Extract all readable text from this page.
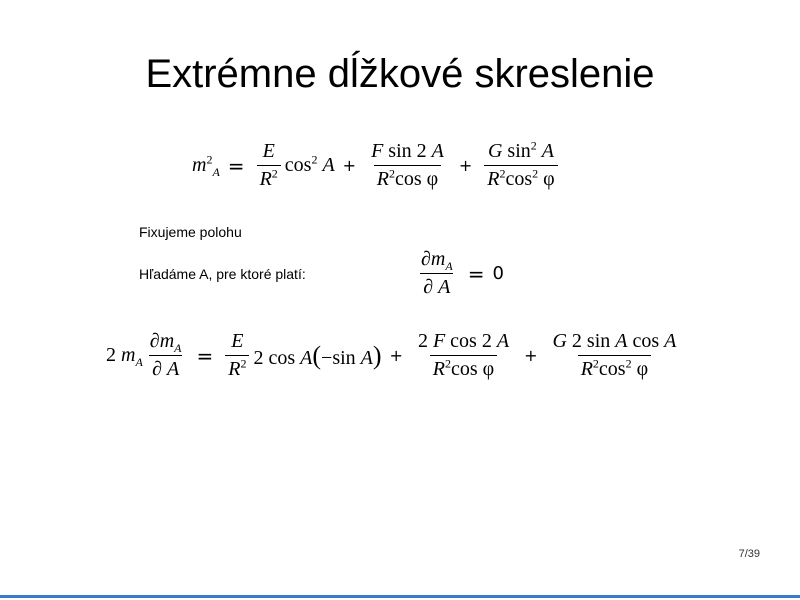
Extrémne dĺžkové skreslenie
$m^2_A = \frac{E}{R^2} \cos^2 A + \frac{\text{F sin 2 A}}{R^2\cos \varphi} + \frac{G \sin^2 A}{R^2\cos^2 \varphi}$
Fixujeme polohu
Hľadáme A, pre ktoré platí:	$\frac{\partial m_A}{\partial A} = 0$
2 $m_A \frac{\partial m_A}{\partial A} = \frac{E}{R^2} 2$ cos A(−sin $A) + \frac{\text{2 F cos 2 A}}{R^2\cos \varphi} + \frac{\text{G 2 sin A cos A}}{R^2\cos^2 \varphi}$
7/39
